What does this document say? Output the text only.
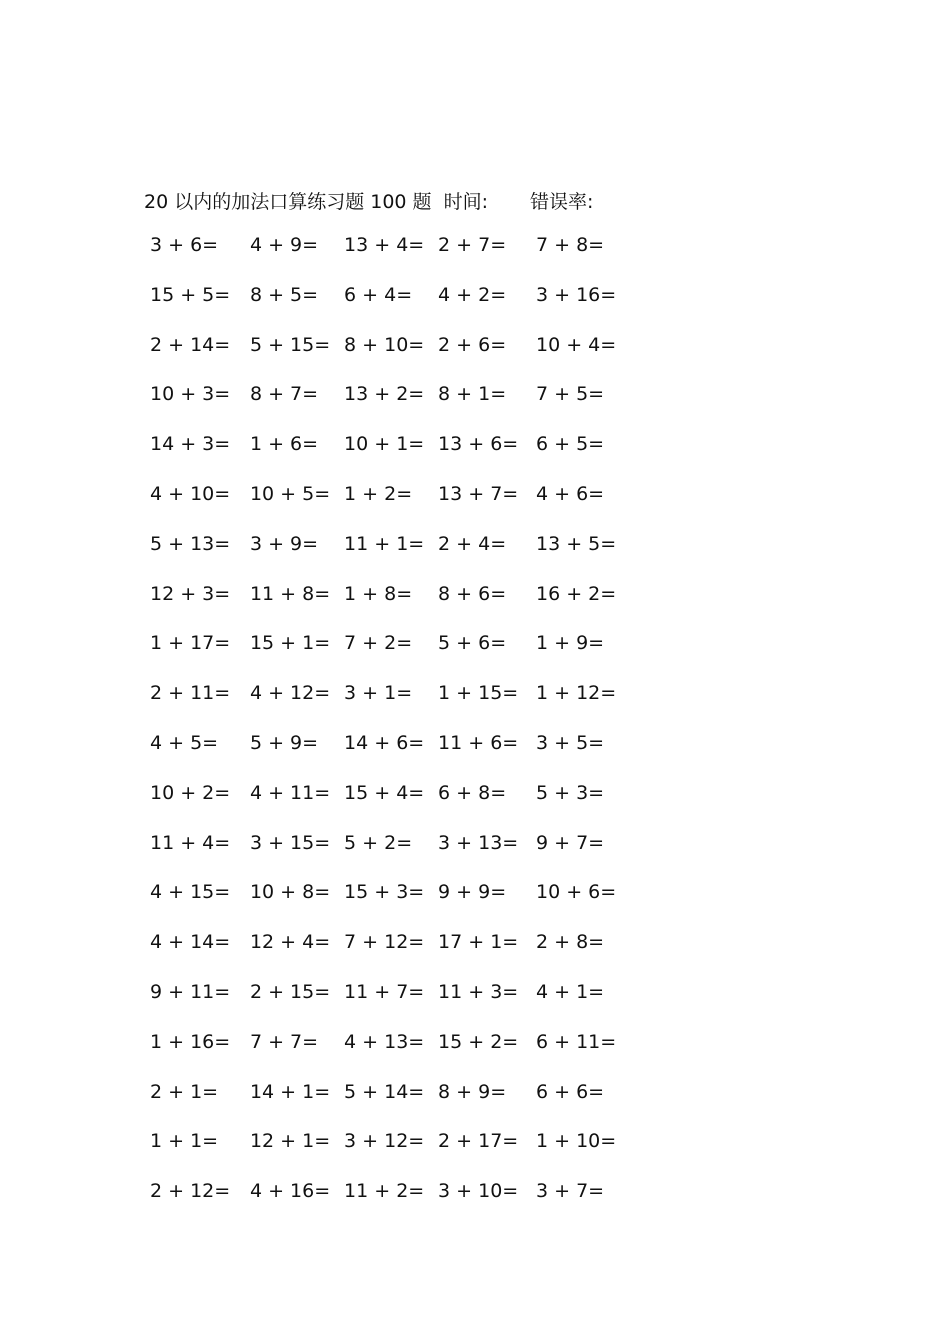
20 以内的加法口算练习题 100 题 时间: 错误率:
3 + 6=	4 + 9=	13 + 4= 2 + 7=	7 + 8=
15 + 5=	8 + 5=	6 + 4=	4 + 2=	3 + 16=
2 + 14=	5 + 15= 8 + 10= 2 + 6=	10 + 4=
10 + 3=	8 + 7=	13 + 2= 8 + 1=	7 + 5=
14 + 3=	1 + 6=	10 + 1= 13 + 6= 6 + 5=
4 + 10=	10 + 5= 1 + 2=	13 + 7= 4 + 6=
5 + 13=	3 + 9=	11 + 1= 2 + 4=	13 + 5=
12 + 3=	11 + 8= 1 + 8=	8 + 6=	16 + 2=
1 + 17=	15 + 1= 7 + 2=	5 + 6=	1 + 9=
2 + 11=	4 + 12= 3 + 1=	1 + 15= 1 + 12=
4 + 5=	5 + 9=	14 + 6= 11 + 6= 3 + 5=
10 + 2=	4 + 11= 15 + 4= 6 + 8=	5 + 3=
11 + 4=	3 + 15= 5 + 2=	3 + 13= 9 + 7=
4 + 15=	10 + 8= 15 + 3= 9 + 9=	10 + 6=
4 + 14=	12 + 4= 7 + 12= 17 + 1= 2 + 8=
9 + 11=	2 + 15= 11 + 7= 11 + 3= 4 + 1=
1 + 16=	7 + 7=	4 + 13= 15 + 2= 6 + 11=
2 + 1=	14 + 1= 5 + 14= 8 + 9=	6 + 6=
1 + 1=	12 + 1= 3 + 12= 2 + 17= 1 + 10=
2 + 12=	4 + 16= 11 + 2= 3 + 10= 3 + 7=
